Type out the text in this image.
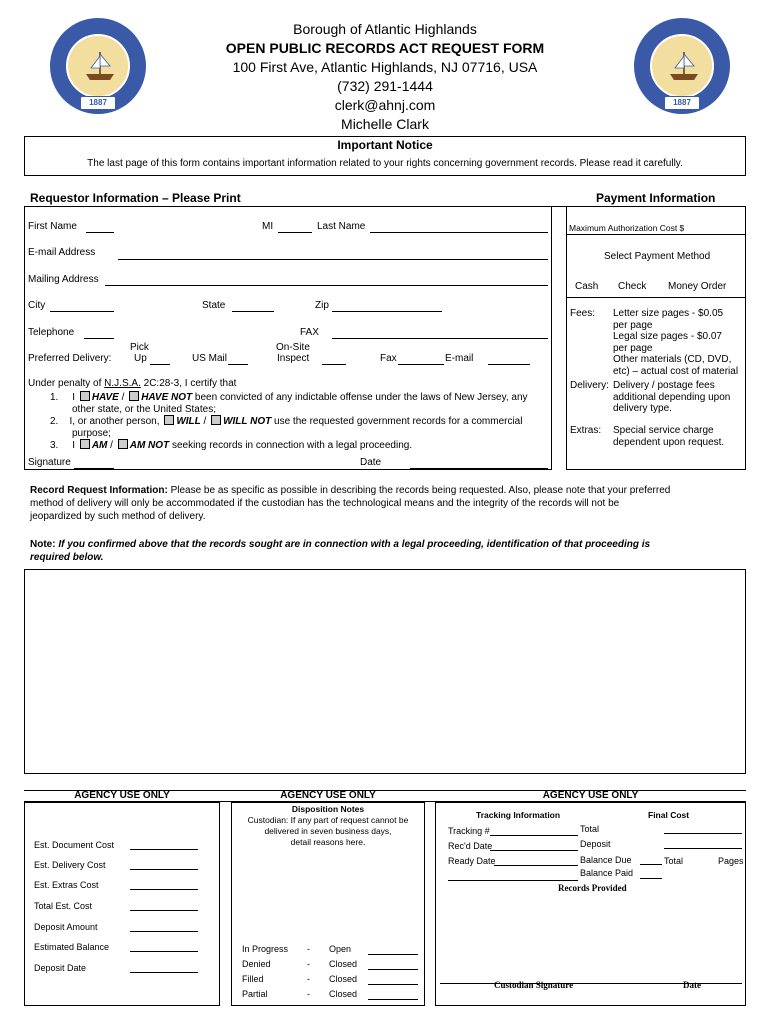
1887	1887
Borough of Atlantic Highlands
OPEN PUBLIC RECORDS ACT REQUEST FORM
100 First Ave, Atlantic Highlands, NJ 07716, USA
(732) 291-1444
clerk@ahnj.com
Michelle Clark
Important Notice
The last page of this form contains important information related to your rights concerning government records. Please read it carefully.
Requestor Information – Please Print	Payment Information
First Name	MI	Last Name
E-mail Address
Mailing Address
City	State	Zip
Telephone	FAX
Pick	On-Site
Preferred Delivery: Up	US Mail	Inspect	Fax	E-mail
Under penalty of N.J.S.A. 2C:28-3, I certify that
1. I HAVE / HAVE NOT been convicted of any indictable offense under the laws of New Jersey, any
other state, or the United States;
2. I, or another person, WILL / WILL NOT use the requested government records for a commercial
purpose;
3. I AM / AM NOT seeking records in connection with a legal proceeding.
Signature	Date
Maximum Authorization Cost $
Select Payment Method
Cash Check Money Order
Fees: Letter size pages - $0.05
per page
Legal size pages - $0.07
per page
Other materials (CD, DVD,
etc) – actual cost of material
Delivery: Delivery / postage fees
additional depending upon
delivery type.
Extras: Special service charge
dependent upon request.
Record Request Information: Please be as specific as possible in describing the records being requested. Also, please note that your preferred
method of delivery will only be accommodated if the custodian has the technological means and the integrity of the records will not be
jeopardized by such method of delivery.
Note: If you confirmed above that the records sought are in connection with a legal proceeding, identification of that proceeding is
required below.
AGENCY USE ONLY	AGENCY USE ONLY	AGENCY USE ONLY
Est. Document Cost
Est. Delivery Cost
Est. Extras Cost
Total Est. Cost
Deposit Amount
Estimated Balance
Deposit Date
Disposition Notes
Custodian: If any part of request cannot be
delivered in seven business days,
detail reasons here.
In Progress - Open
Denied	- Closed
Filled	- Closed
Partial	- Closed
Tracking Information	Final Cost
Tracking #	Total
Rec'd Date	Deposit
Ready Date	Balance Due	Total	Pages
Balance Paid
Records Provided
Custodian Signature	Date
